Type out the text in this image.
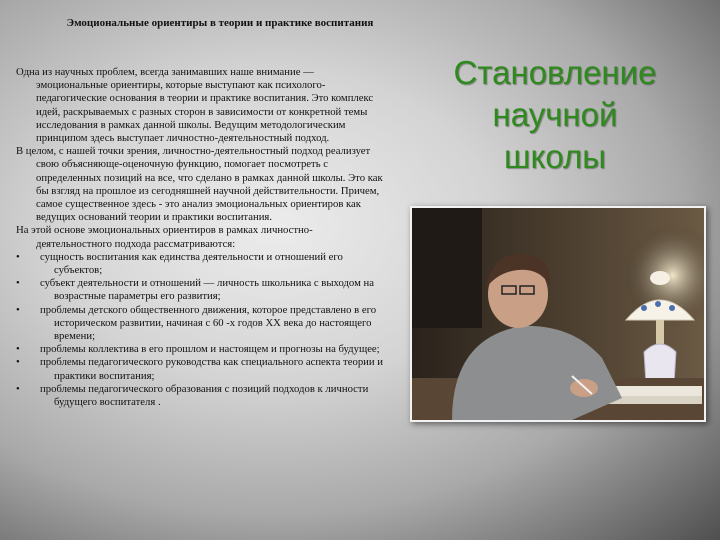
Эмоциональные ориентиры в теории и практике воспитания

Одна из научных проблем, всегда занимавших наше внимание — эмоциональные ориентиры, которые выступают как психолого-педагогические основания в теории и практике воспитания. Это комплекс идей, раскрываемых с разных сторон в зависимости от конкретной темы исследования в рамках данной школы. Ведущим методологическим принципом здесь выступает личностно-деятельностный подход.

В целом, с нашей точки зрения, личностно-деятельностный подход реализует свою объясняюще-оценочную функцию, помогает посмотреть с определенных позиций на все, что сделано в рамках данной школы. Это как бы взгляд на прошлое из сегодняшней научной действительности. Причем, самое существенное здесь - это анализ эмоциональных ориентиров как ведущих оснований теории и практики воспитания.

На этой основе эмоциональных ориентиров в рамках личностно-деятельностного подхода рассматриваются:

•	сущность воспитания как единства деятельности и отношений его субъектов;
•	субъект деятельности и отношений — личность школьника с выходом на возрастные параметры его развития;
•	проблемы детского общественного движения, которое представлено в его историческом развитии, начиная с 60 -х годов XX века до настоящего времени;
•	проблемы коллектива в его прошлом и настоящем и прогнозы на будущее;
•	проблемы педагогического руководства как специального аспекта теории и практики воспитания;
•	проблемы педагогического образования с позиций подходов к личности будущего воспитателя .
Становление
научной
школы
